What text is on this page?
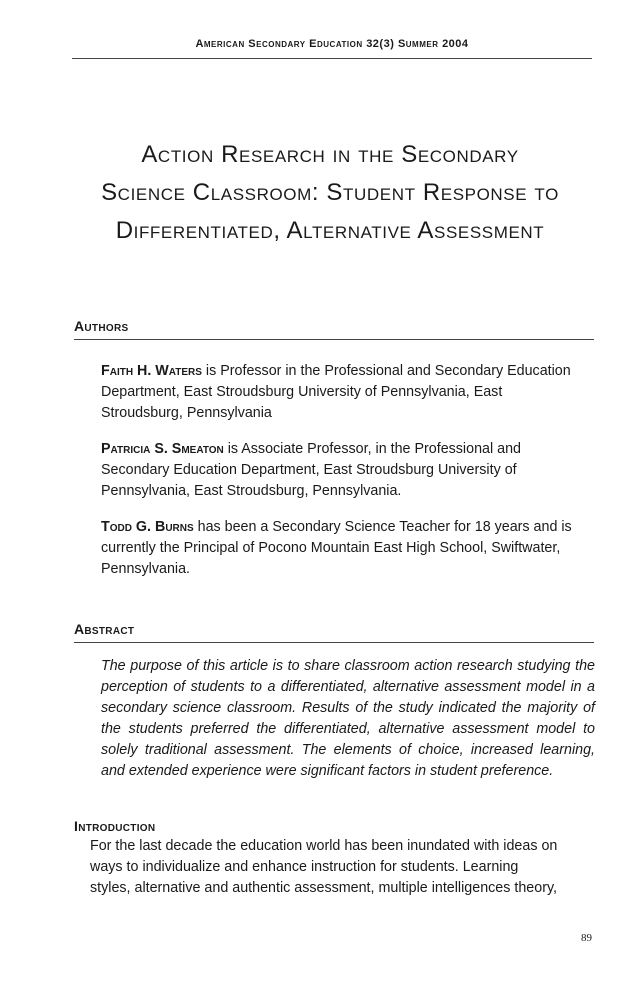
American Secondary Education 32(3) Summer 2004
Action Research in the Secondary
Science Classroom: Student Response to
Differentiated, Alternative Assessment
Authors
Faith H. Waters is Professor in the Professional and Secondary Education
Department, East Stroudsburg University of Pennsylvania, East
Stroudsburg, Pennsylvania
Patricia S. Smeaton is Associate Professor, in the Professional and
Secondary Education Department, East Stroudsburg University of
Pennsylvania, East Stroudsburg, Pennsylvania.
Todd G. Burns has been a Secondary Science Teacher for 18 years and is
currently the Principal of Pocono Mountain East High School, Swiftwater,
Pennsylvania.
Abstract
The purpose of this article is to share classroom action research studying the perception of students to a differentiated, alternative assessment model in a secondary science classroom. Results of the study indicated the majority of the students preferred the differentiated, alternative assessment model to solely traditional assessment. The elements of choice, increased learning, and extended experience were significant factors in student preference.
Introduction
For the last decade the education world has been inundated with ideas on
ways to individualize and enhance instruction for students. Learning
styles, alternative and authentic assessment, multiple intelligences theory,
89
